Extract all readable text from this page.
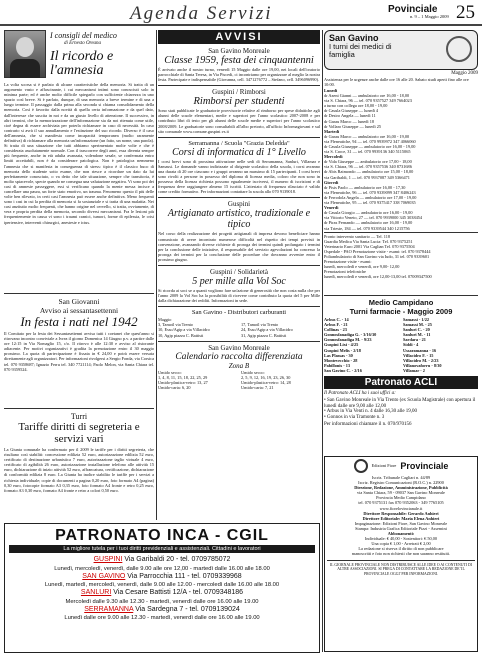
Agenda Servizi	Povinciale
n. 9 – 1 Maggio 2009 25
I consigli del medico
di Ernesto Oreana
Il ricordo e l'amnesia
La volta scorsa si è parlato di alcune caratteristiche della memoria. Si tratta di un argomento vasto e affascinante, i cui meccanismi intimi sono conosciuti solo in minima parte; ed è anche molto difficile spiegarlo con sufficiente chiarezza in uno spazio così breve. Si è parlato, dunque, di una memoria a breve termine e di una a lungo termine. Il passaggio dalla prima alla seconda si chiama consolidamento della memoria. Così è favorito dalla novità di quella certa informazione e da quel dato, dall'interesse che suscita in noi e da un giusto livello di attenzione. Il successivo, in altri termini, che la memorizzazione dell'informazione sia da noi ritenuta come utile, cioè degna di essere archiviata per poterla richiamare in caso di necessità. In caso contrario si avrà il suo annullamento e l'estinzione del suo ricordo. Diverso è il caso dell'amnesia, che si manifesta come incapacità temporanea (molto raramente definitiva) di richiamare alla memoria un'informazione (un fatto, un nome, una parola). Si tratta di una situazione che tutti abbiamo sperimentato molte volte e che è considerata assolutamente normale. Con il trascorrere degli anni, essa diventa sempre più frequente, anche in età adulta avanzata, volendone sesale, se confermata entro limiti accettabili, non è da considerare patologica. Non è patologica nemmeno l'amnesia che si manifesta in conseguenza di stress: tipico è il classico buco di memoria dello studente sotto esame, che non riesce a ricordare un dato da lui perfettamente conosciuto, o va detto che tale situazione, sempre che transitoria, è molto spiacevole, specie quando ne consegua una valutazione negativa. Vi sono poi dei casi di amnesie passeggere, essi si verificano quando la mente messa incisce a cancellare una paura, un forte stato emotivo, un trauma. Fenomeno questo il più delle volte ben rilevato, in certi casi l'amnesia può essere anche definitiva. Meno frequenti sono i casi in cui la perdita di memoria si fa sostanziale e si tratta di una malattia. Nei casi anzitutto molto frequenti, che hanno origine nel cervello, si tratta, ovviamente, di vera e propria perdita della memoria, secondo diversi meccanismi. Fra le lesioni più frequentemente in causa vi sono i traumi cranici, tumori, forme di epilessia, le crisi ipertensive, interventi chirurgici, anestesie e ictus.
San Giovanni
Avviso ai sessantasettenni
In festa i nati nel 1942
Il Comitato per la festa dei Sessantasettenni avvisa tutti i coetanei che quest'anno si ritrovano incontro conviviale a Ivrea il giorno Domenica 14 Giugno p.v. a partire dalle ore 12:15 in Via Nomaglio 15, c/o. Il ritrovo è alle 12:30 e avviso al ristorante adiacente. Per motivi organizzativi è gradita la prenotazione entro il 30 maggio prossimo. La quota di partecipazione è fissata in € 24,00 e potrà essere versata direttamente agli organizzatori. Per informazioni rivolgersi a Sergio Fonda, via Corsica tel. 070 9358687; Ignazio Ferru tel. 340 7721114; Paolo Melon, via Santa Chiara tel. 070 9359524.
Turri
Tariffe diritti di segreteria e servizi vari
La Giunta comunale ha confermato per il 2009 le tariffe per i diritti segreteria, che risultano così stabiliti: concessione edilizia 52 euro, autorizzazione edilizia 52 euro, certificato di destinazione urbanistica 7 euro, autorizzazione taglio virtuale 4 euro, certificato di agibilità 26 euro, autorizzazione installazione telefono alle attività 15 euro, dichiarazione di inizio attività 52 euro, affrancatura, certificazione, dichiarazione di conformità edilizia 8 euro. La Giunta ha inoltre stabilito le tariffe per i servizi a richiesta individuale; copie di documenti a pagina 0,20 euro, foto formato A4 (pagina) 0,30 euro, fotocopie formato A3 0,35 euro, foto formato A4 fronte e retro 0,25 euro, formato A3 0,30 euro, formato A4 fronte e retro a colori 0,50 euro.
AVVISI
San Gavino Monreale
Classe 1959, festa dei cinquantenni
È arrivato anche il nostro turno, venerdì 15 Maggio dalle ore 19,00, nei locali dell'oratorio parrocchiale di Santa Teresa, in Via Piscedi, ci incontriamo per organizzare al meglio la nostra festa. Partecipate e indispensabile (Giovanna, cell. 3471276772 – Stefano, cell. 3496096990).
Guspini / Rimborsi
Rimborsi per studenti
Sono stati pubblicate le graduatorie provvisorie relative al rimborso per spese didattiche agli alunni delle scuole elementari, medie e superiori per l'anno scolastico 2007-2008 e per contributo libri di testo per gli alunni delle scuole medie e superiori per l'anno scolastico 2008/2009. Le graduatorie sono consultabili all'albo pretorio, all'ufficio Informagiovani e sul sito comunale www.comune.guspini.vs.it
Serramanna / Scuola "Grazia Deledda"
Corsi di informatica di 1° Livello
I corsi brevi sono di prossima attivazione nelle sedi di Serramanna, Sanluri, Villamar e Samassi. Le domande vanno indirizzate al dirigente scolastico della scuola, i corsi avranno una durata di 20 ore ciascuno e i gruppi avranno un massimo di 15 partecipanti. I corsi brevi sono rivolti a persone in possesso del diploma di licenza media, coloro che non sono in possesso della licenza richiesta possono egualmente iscriversi, il numero di iscrizioni e di frequenza deve raggiungere almeno 15 iscritti. L'attestato di frequenza rilasciato è valido come credito formativo. Per informazioni contattare la scuola allo 070 9139018.
Guspini
Artigianato artistico, tradizionale e tipico
Nel corso della realizzazione dei progetti artigianali di impresa devono beneficiare hanno comunicato di avere incontrato numerose difficoltà nel rispetto dei tempi previsti in convenzione, avanzando diverse richieste di proroga dei termini quindi prolungato i termini per la conclusione delle iniziative, il responsabile del servizio agevolazioni ha concesso la proroga dei termini per la conclusione delle procedure che dovranno avvenire entro il prossimo giugno.
Guspini / Solidarietà
5 per mille alla Vol Soc
Si ricorda ai soci se a quanti vogliono fare un'azione di generosità che non costa nulla che per l'anno 2009 la Vol Soc ha la possibilità di ricevere come contributo la quota del 5 per Mille dalla dichiarazione dei redditi. Informazioni in sede.
San Gavino - Distributori carburanti
Maggio
3, Tamoil via Trento
10, Esso/Agip a via Villacidro
10, Agip piazza C. Battisti
17, Tamoil via Trento
24, Esso/Agip a via Villacidro
31, Agip piazza C. Battisti
San Gavino Monreale
Calendario raccolta differenziata
Zona B
Umido secco:
1, 4, 8, 11, 15, 18, 22, 25, 29
Umido-plastica-vetro: 13, 27
Umido-carta: 6, 20
Umido secco:
2, 5, 9, 12, 16, 19, 23, 26, 30
Umido-plastica-vetro: 14, 28
Umido-carta: 7, 21
San Gavino
I turni dei medici di famiglia
Maggio 2009
Assistenza per le urgenze anche dalle ore 16 alle 20. Sabato studi aperti fino alle ore 10:00.
Lunedì
dr Azeni Gianni — ambulatorio ore 16,00 - 18,00
via S. Chiara, 96 — tel. 070 9357527 349 7664023
a turno con collega ore 18,00 - 19,00
dr Casula Giuseppe — lunedì 4
dr Desiro Angela — lunedì 11
dr Garau Marco — lunedì 18
dr Vollaro Giuseppe — lunedì 25
Martedì
dr Garau Marco — ambulatorio ore 16,00 - 19,00
via Fleneatiche, 94 — tel. 070 9939972 347 4066060
dr Casula Giuseppe — ambulatorio ore 16,00 - 19,00
via S. Croce, 31 — tel. 070 9939136 340 5115065
Mercoledì
dr Vida Giuseppe — ambulatorio ore 17,00 - 18,00
via S. Chiara, 96 — tel. 070 9357536 340 8731686
dr Abis Raimondo — ambulatorio ore 15,00 - 18,00
via Garibaldi, 1 — tel. 070 9937087 349 5366471
Giovedì
dr Pisis Paolo — ambulatorio ore 16,00 - 17,30
via Fleneatiche, 96 — tel. 070 9339099 347 8406243
dr Ferrodola Angela — ambulatorio ore 17,00 - 19,00
via Fleneatiche, 95 — tel. 070 9375417 338 7069035
Venerdì
dr Casula Giorgio — ambulatorio ore 16,00 - 19,00
via Vittorio Veneto, 27 — tel. 070 9939000 345 3038454
dr Piras Fernando — ambulatorio ore 16,00 - 19,00
via Trieste, 184 — tel. 070 9339544 340 1215756
Pronto intervento sanitario — Tel. 118
Guardia Medica Via Santa Lucia: Tel. 070 9375251
Veterinario Euro 2001 Via Caglian Tel. 070 9375504
Ospedale - PAO Prenotazione visite - esami: tel. 070 9378444
Poliambulatorio di San Gavino via Iudo, 31 tel. 070 9339601
Prenotazione visite - esami:
lunedì, mercoledì e venerdì, ore 9,00- 12,00
Prenotazioni telefoniche
lunedì, mercoledì e venerdì, ore 12,00-13,00 tel. 07009347500
Medio Campidano
Turni farmacie - Maggio 2009
Arbus C. - 14
Arbus F. - 21
Collinas - 23
Gonnosfanadiga G. - 3/16/30
Gonnosfanadiga M. - 9/23
Guspini Lixi - 4/25
Guspini Melis - 2/18
Las Plassas - 30
Montevecchio - 28
Pabillonis - 13
San Gavino C. - 2/16
Samassi - 1/22
Samassi M. - 25
Sanluri C. - 20
Sanluri M. - 11
Sardara - 21
Siddi - 4
Ussaramanna - 16
Villacidro F. - 15
Villacidro M. - 2/23
Villanovaforru - 8/30
Villamar - 2
Patronato ACLI
Il Patronato ACLI ha i suoi uffici a:
• San Gavino Monreale in Via Trento (ex Scuola Magistrale) con apertura il lunedì dalle ore 9,00 alle 12,00
• Arbus in Via Venti n. 4 dalle 16,30 alle 19,00
• Gonnos in via Tramonte n. 3
Per informazioni chiamare il n. 070/970156
Edizioni Fiore Provinciale
Iscriz. Tribunale Cagliari n. 44/89
Iscriz. Registro Comunicazioni (R.O.C.) n. 22900
Direzione, Redazione, Amministrazione, Pubblicità
via Santa Chiara, 59 - 09037 San Gavino Monreale
Provincia Medio Campidano
tel. 070 9375131 fax 070 9352063 - 349 7765105
www.fiorelovincianale.it
Direttore Responsabile: Gerardo Anhieri
Direttore Editoriale: Maria Elena Anhieri
Impaginazione: Edizioni Fiore, San Gavino Monreale
Stampa: Industria Grafica Editoriale Pizzi - Assemini
Abbonamenti:
Individuale: € 40,00 - Sostenitori: € 50,00
Una copia € 1,00 - Arretrati € 2,00
La redazione si riserva il diritto di non pubblicare
manoscritti e foto non richiesti che non saranno restituiti.
IL GIORNALE PROVINCIALE NON DISTRIBUISCE ALLE IDEE O AI CONTENUTI DI ALTRE ASSOCIAZIONI. SI PREGA DI CONTATTARE LA REDAZIONE DE 'IL PROVINCIALE OGGI' PER INFORMAZIONI.
PATRONATO INCA - CGIL
La migliore tutela per i tuoi diritti previdenziali e assistenziali. Cittadini e lavoratori
GUSPINI Via Garibaldi 20 - tel. 0709785072
Lunedì, mercoledì, venerdì, dalle 9.00 alle ore 12,00 - martedì dalle 16.00 alle 18.00
SAN GAVINO Via Parrocchia 111 - tel. 0709339968
Lunedì, martedì, mercoledì, venerdì, dalle 9.00 alle 12.00 - mercoledì dalle 16.00 alle 18.00
SANLURI Via Cesare Battisti 12/A - tel. 0709348186
Mercoledì dalle 9.30 alle 12.30 - martedì, venerdì dalle ore 16.00 alle 19.00
SERRAMANNA Via Sardegna 7 - tel. 0709139024
Lunedì dalle ore 9.00 alle 12.30 - martedì, venerdì dalle ore 16.00 alle 19.00
